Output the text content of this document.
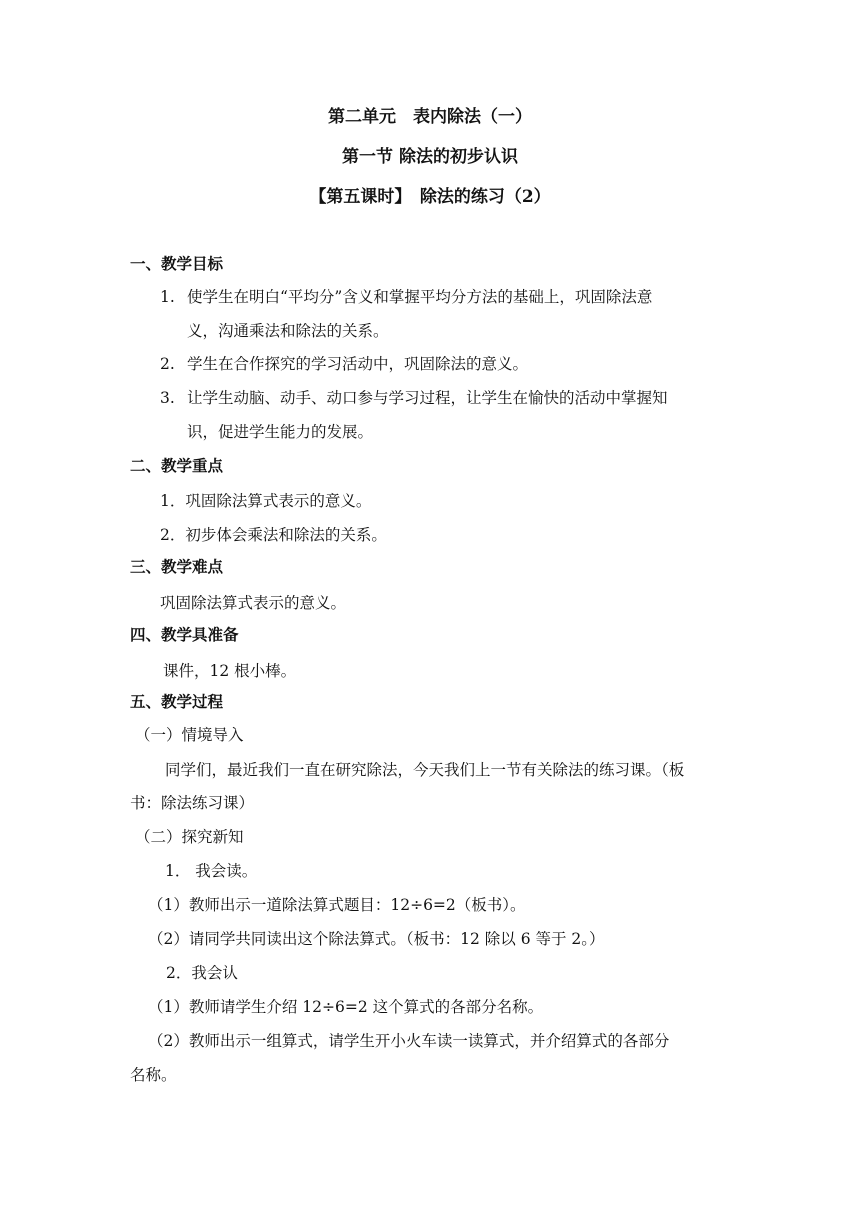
第二单元　表内除法（一）

第一节 除法的初步认识

【第五课时】　除法的练习（2）

一、教学目标

1. 使学生在明白“平均分”含义和掌握平均分方法的基础上，巩固除法意

义，沟通乘法和除法的关系。

2. 学生在合作探究的学习活动中，巩固除法的意义。

3. 让学生动脑、动手、动口参与学习过程，让学生在愉快的活动中掌握知

识，促进学生能力的发展。

二、教学重点

1．巩固除法算式表示的意义。

2．初步体会乘法和除法的关系。

三、教学难点

巩固除法算式表示的意义。

四、教学具准备

课件，12 根小棒。

五、教学过程

（一）情境导入

同学们，最近我们一直在研究除法，今天我们上一节有关除法的练习课。（板

书：除法练习课）

（二）探究新知

1． 我会读。

（1）教师出示一道除法算式题目：12÷6=2（板书）。

（2）请同学共同读出这个除法算式。（板书：12 除以 6 等于 2。）

2．我会认

（1）教师请学生介绍 12÷6=2 这个算式的各部分名称。

（2）教师出示一组算式，请学生开小火车读一读算式，并介绍算式的各部分

名称。
